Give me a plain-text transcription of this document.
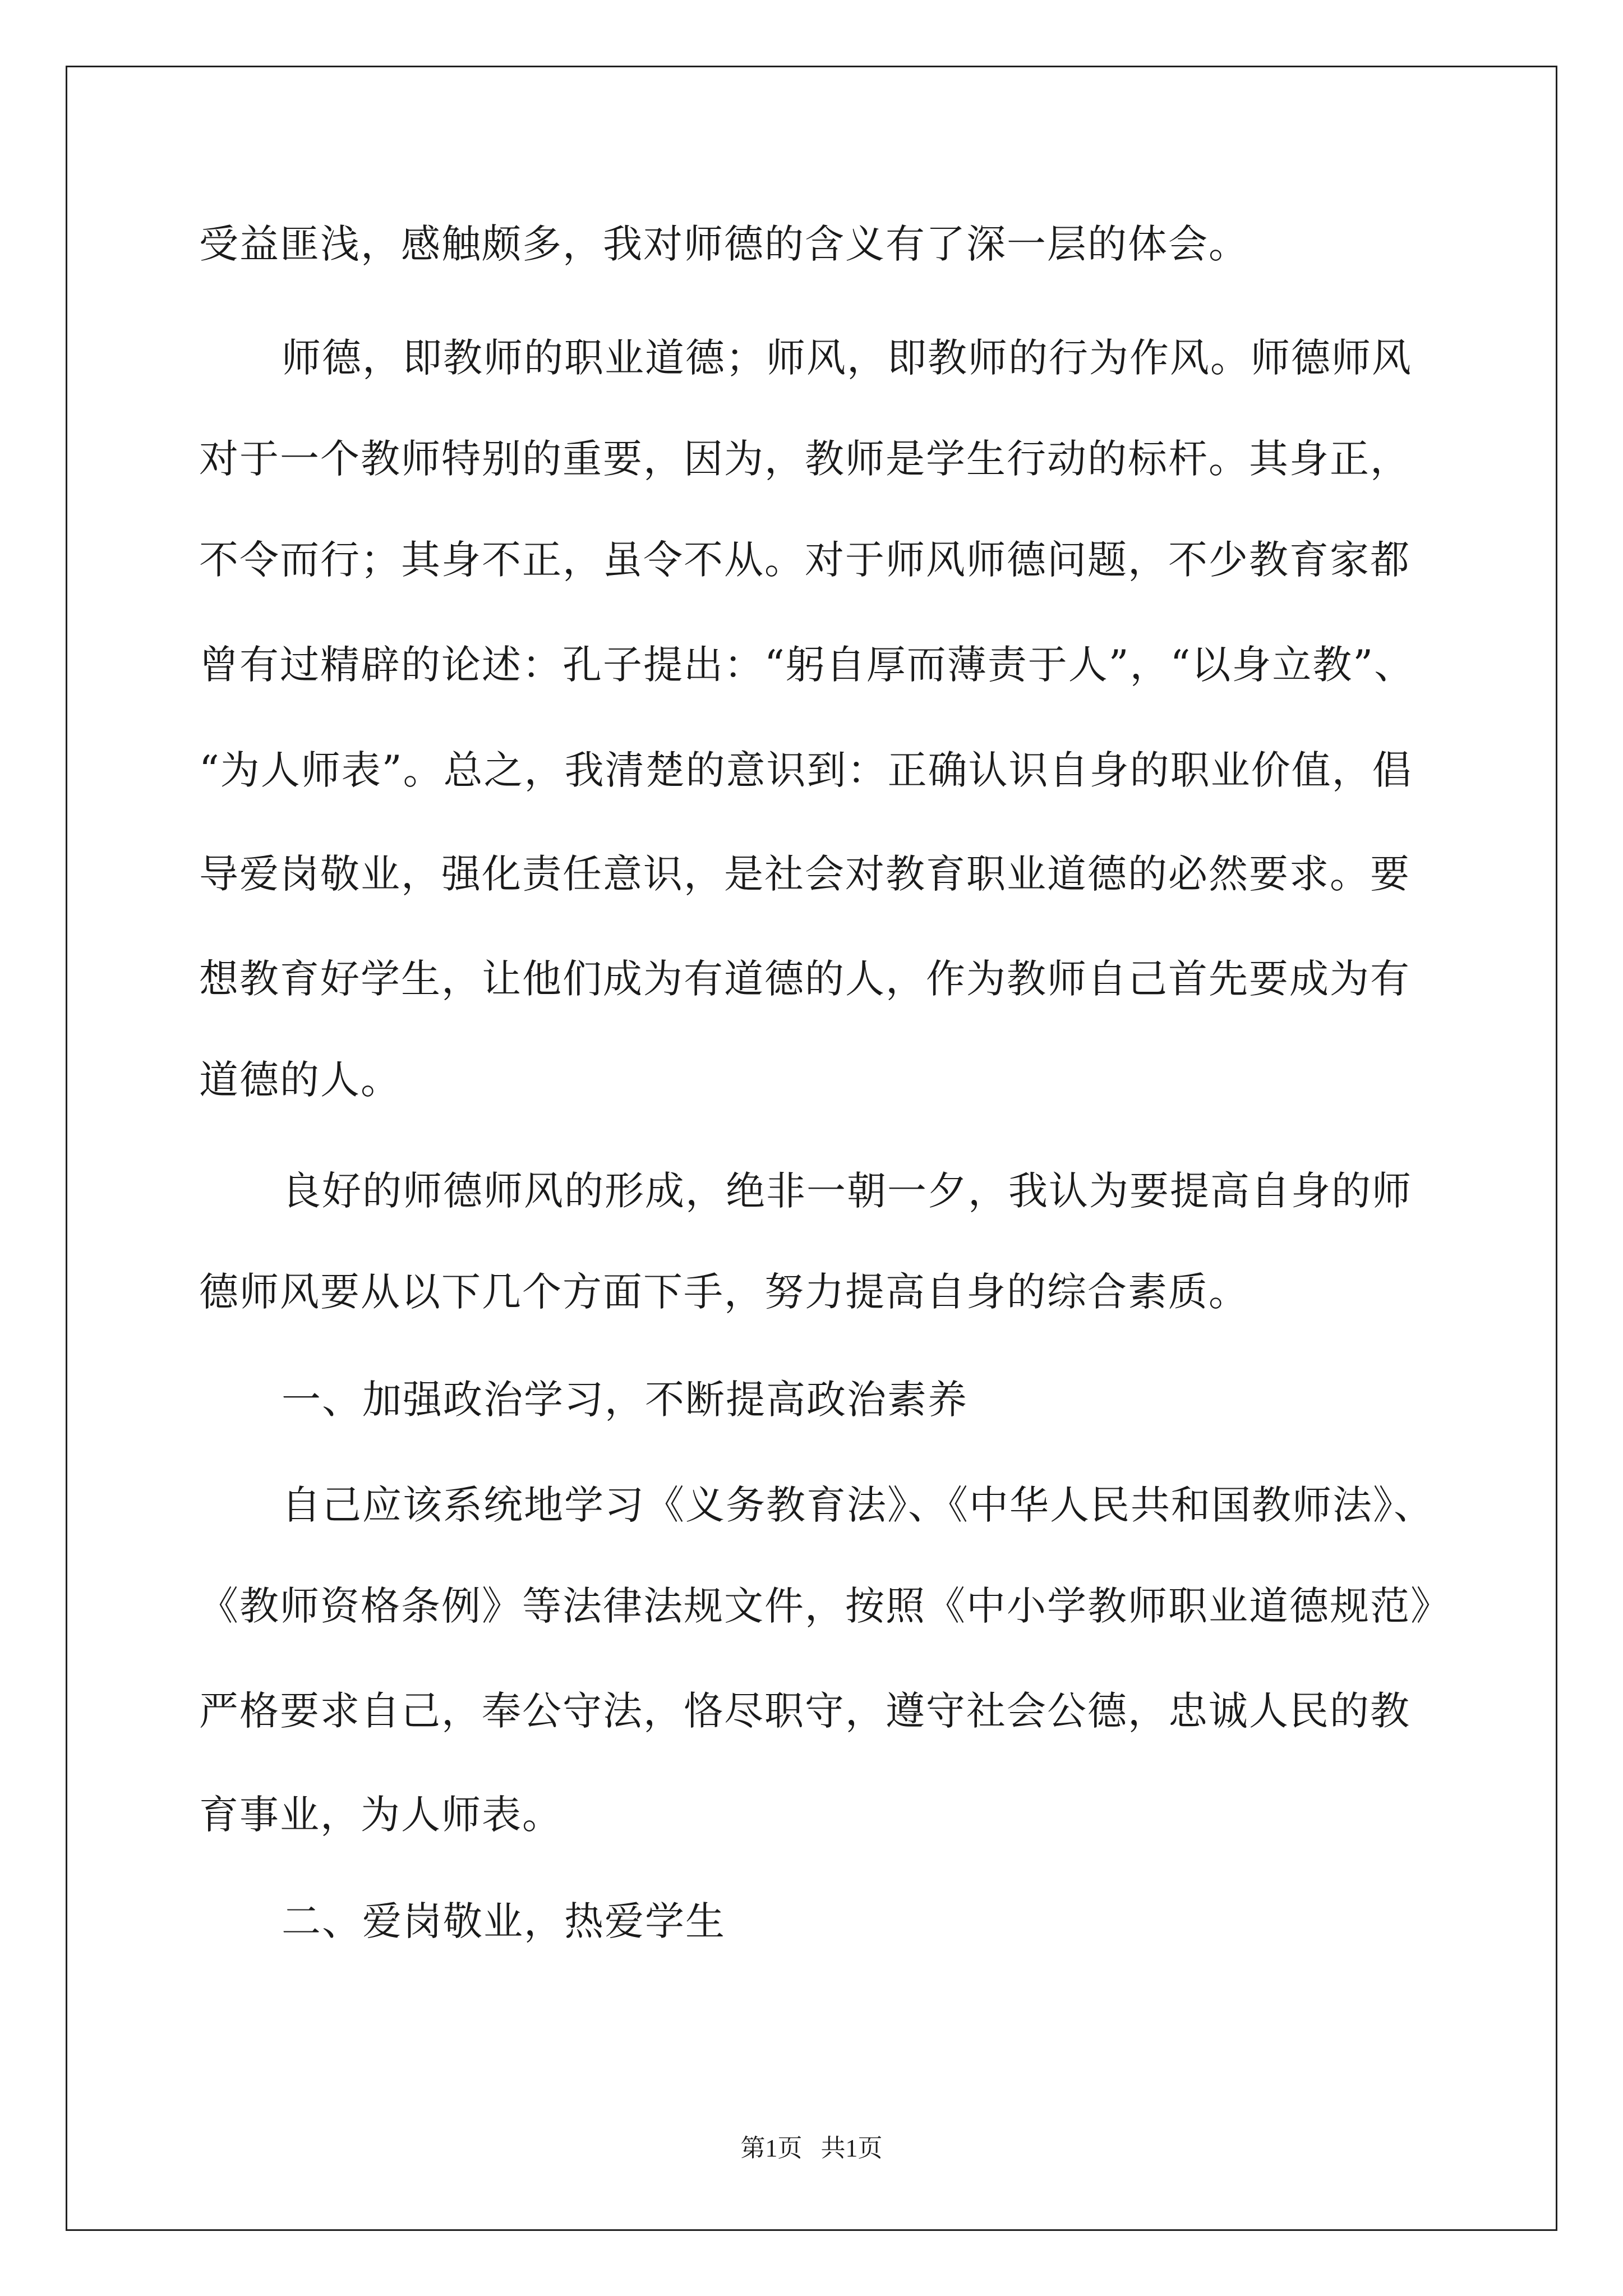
受益匪浅，感触颇多，我对师德的含义有了深一层的体会。
师德，即教师的职业道德；师风，即教师的行为作风。师德师风
对于一个教师特别的重要，因为，教师是学生行动的标杆。其身正，
不令而行；其身不正，虽令不从。对于师风师德问题，不少教育家都
曾有过精辟的论述：孔子提出：“躬自厚而薄责于人”，“以身立教”、
“为人师表”。总之，我清楚的意识到：正确认识自身的职业价值，倡
导爱岗敬业，强化责任意识，是社会对教育职业道德的必然要求。要
想教育好学生，让他们成为有道德的人，作为教师自己首先要成为有
道德的人。
良好的师德师风的形成，绝非一朝一夕，我认为要提高自身的师
德师风要从以下几个方面下手，努力提高自身的综合素质。
一、加强政治学习，不断提高政治素养
自己应该系统地学习《义务教育法》、《中华人民共和国教师法》、
《教师资格条例》等法律法规文件，按照《中小学教师职业道德规范》
严格要求自己，奉公守法，恪尽职守，遵守社会公德，忠诚人民的教
育事业，为人师表。
二、爱岗敬业，热爱学生
第1页   共1页
